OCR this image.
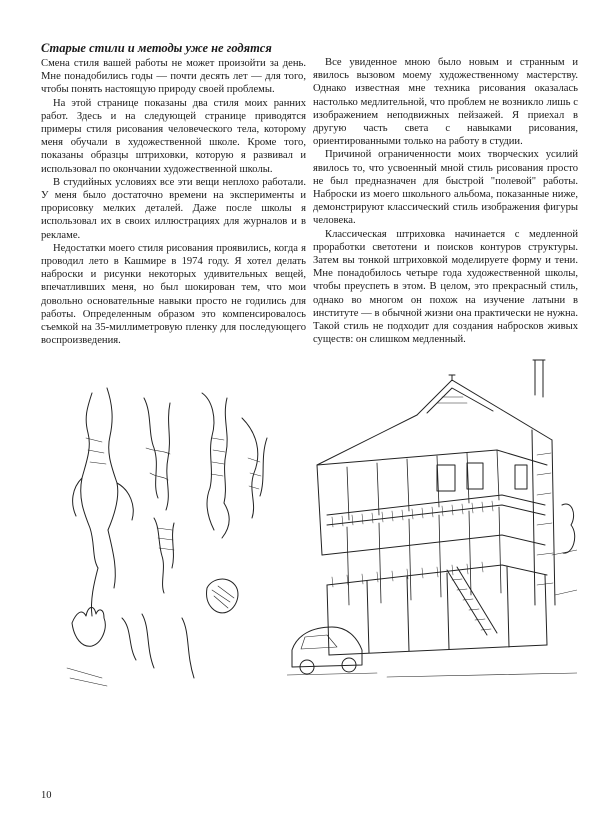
Старые стили и методы уже не годятся

Смена стиля вашей работы не может произойти за день. Мне понадобились годы — почти десять лет — для того, чтобы понять настоящую природу своей проблемы.

На этой странице показаны два стиля моих ранних работ. Здесь и на следующей странице приводятся примеры стиля рисования человеческого тела, которому меня обучали в художественной школе. Кроме того, показаны образцы штриховки, которую я развивал и использовал по окончании художественной школы.

В студийных условиях все эти вещи неплохо работали. У меня было достаточно времени на эксперименты и прорисовку мелких деталей. Даже после школы я использовал их в своих иллюстрациях для журналов и в рекламе.

Недостатки моего стиля рисования проявились, когда я проводил лето в Кашмире в 1974 году. Я хотел делать наброски и рисунки некоторых удивительных вещей, впечатливших меня, но был шокирован тем, что мои довольно основательные навыки просто не годились для работы. Определенным образом это компенсировалось съемкой на 35-миллиметровую пленку для последующего воспроизведения.

Все увиденное мною было новым и странным и явилось вызовом моему художественному мастерству. Однако известная мне техника рисования оказалась настолько медлительной, что проблем не возникло лишь с изображением неподвижных пейзажей. Я приехал в другую часть света с навыками рисования, ориентированными только на работу в студии.

Причиной ограниченности моих творческих усилий явилось то, что усвоенный мной стиль рисования просто не был предназначен для быстрой "полевой" работы. Наброски из моего школьного альбома, показанные ниже, демонстрируют классический стиль изображения фигуры человека.

Классическая штриховка начинается с медленной проработки светотени и поисков контуров структуры. Затем вы тонкой штриховкой моделируете форму и тени. Мне понадобилось четыре года художественной школы, чтобы преуспеть в этом. В целом, это прекрасный стиль, однако во многом он похож на изучение латыни в институте — в обычной жизни она практически не нужна. Такой стиль не подходит для создания набросков живых существ: он слишком медленный.

10
